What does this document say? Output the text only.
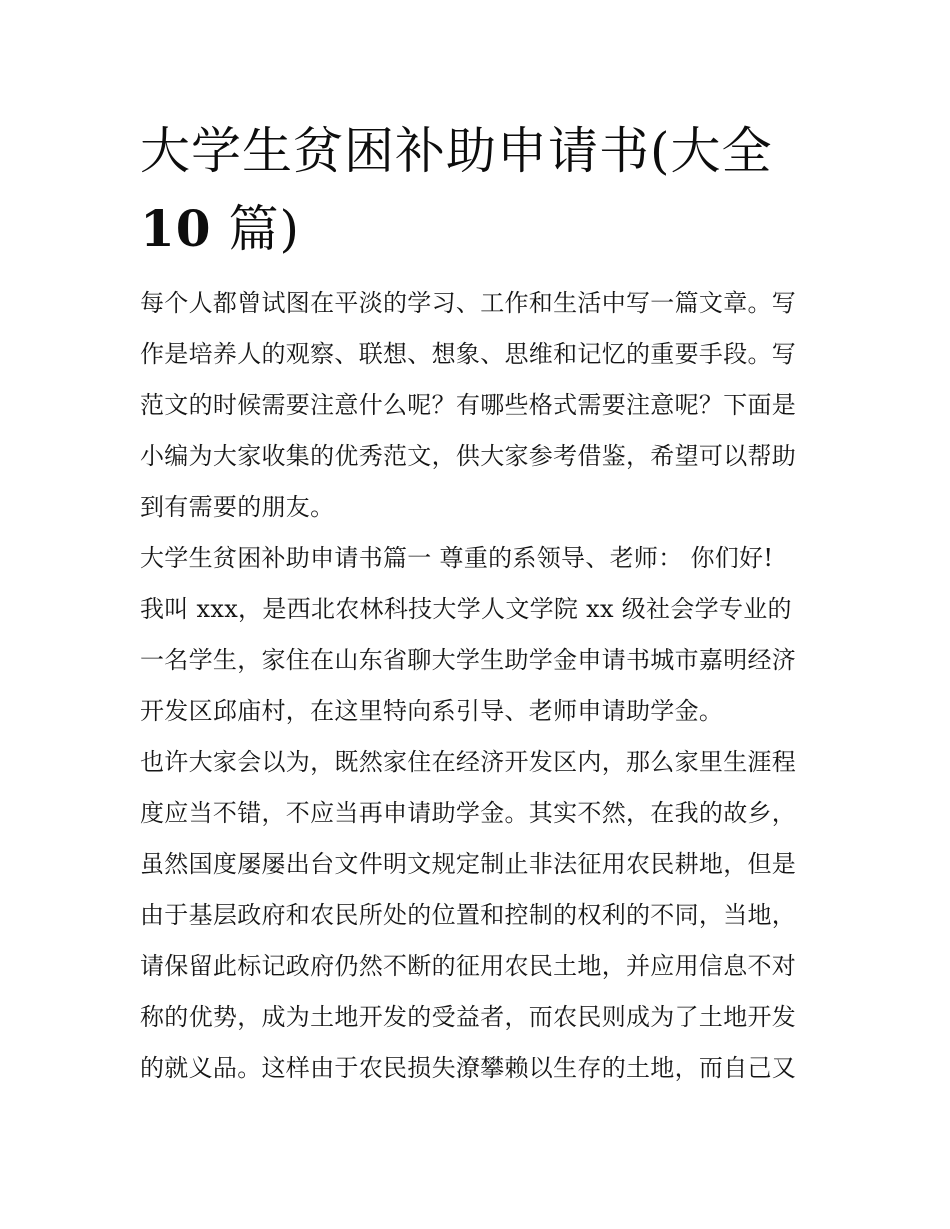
大学生贫困补助申请书(大全
10 篇)
每个人都曾试图在平淡的学习、工作和生活中写一篇文章。写
作是培养人的观察、联想、想象、思维和记忆的重要手段。写
范文的时候需要注意什么呢？有哪些格式需要注意呢？下面是
小编为大家收集的优秀范文，供大家参考借鉴，希望可以帮助
到有需要的朋友。
大学生贫困补助申请书篇一 尊重的系领导、老师： 你们好!
我叫 xxx，是西北农林科技大学人文学院 xx 级社会学专业的
一名学生，家住在山东省聊大学生助学金申请书城市嘉明经济
开发区邱庙村，在这里特向系引导、老师申请助学金。
也许大家会以为，既然家住在经济开发区内，那么家里生涯程
度应当不错，不应当再申请助学金。其实不然，在我的故乡，
虽然国度屡屡出台文件明文规定制止非法征用农民耕地，但是
由于基层政府和农民所处的位置和控制的权利的不同，当地，
请保留此标记政府仍然不断的征用农民土地，并应用信息不对
称的优势，成为土地开发的受益者，而农民则成为了土地开发
的就义品。这样由于农民损失潦攀赖以生存的土地，而自己又
